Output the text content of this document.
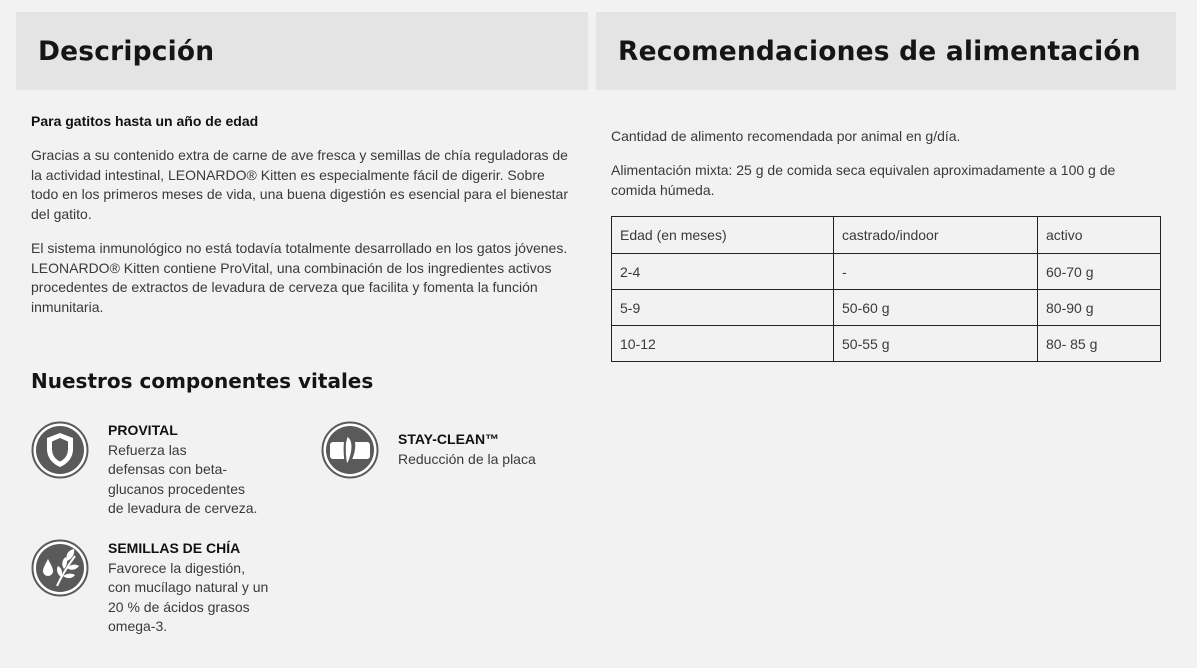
Descripción

Para gatitos hasta un año de edad

Gracias a su contenido extra de carne de ave fresca y semillas de chía reguladoras de la actividad intestinal, LEONARDO® Kitten es especialmente fácil de digerir. Sobre todo en los primeros meses de vida, una buena digestión es esencial para el bienestar del gatito.

El sistema inmunológico no está todavía totalmente desarrollado en los gatos jóvenes. LEONARDO® Kitten contiene ProVital, una combinación de los ingredientes activos procedentes de extractos de levadura de cerveza que facilita y fomenta la función inmunitaria.

Nuestros componentes vitales
PROVITAL
Refuerza las
defensas con beta-
glucanos procedentes
de levadura de cerveza.
STAY-CLEAN™
Reducción de la placa
SEMILLAS DE CHÍA
Favorece la digestión,
con mucílago natural y un
20 % de ácidos grasos
omega-3.
Recomendaciones de alimentación

Cantidad de alimento recomendada por animal en g/día.

Alimentación mixta: 25 g de comida seca equivalen aproximadamente a 100 g de comida húmeda.

Edad (en meses)	castrado/indoor	activo
2-4	-	60-70 g
5-9	50-60 g	80-90 g
10-12	50-55 g	80- 85 g
